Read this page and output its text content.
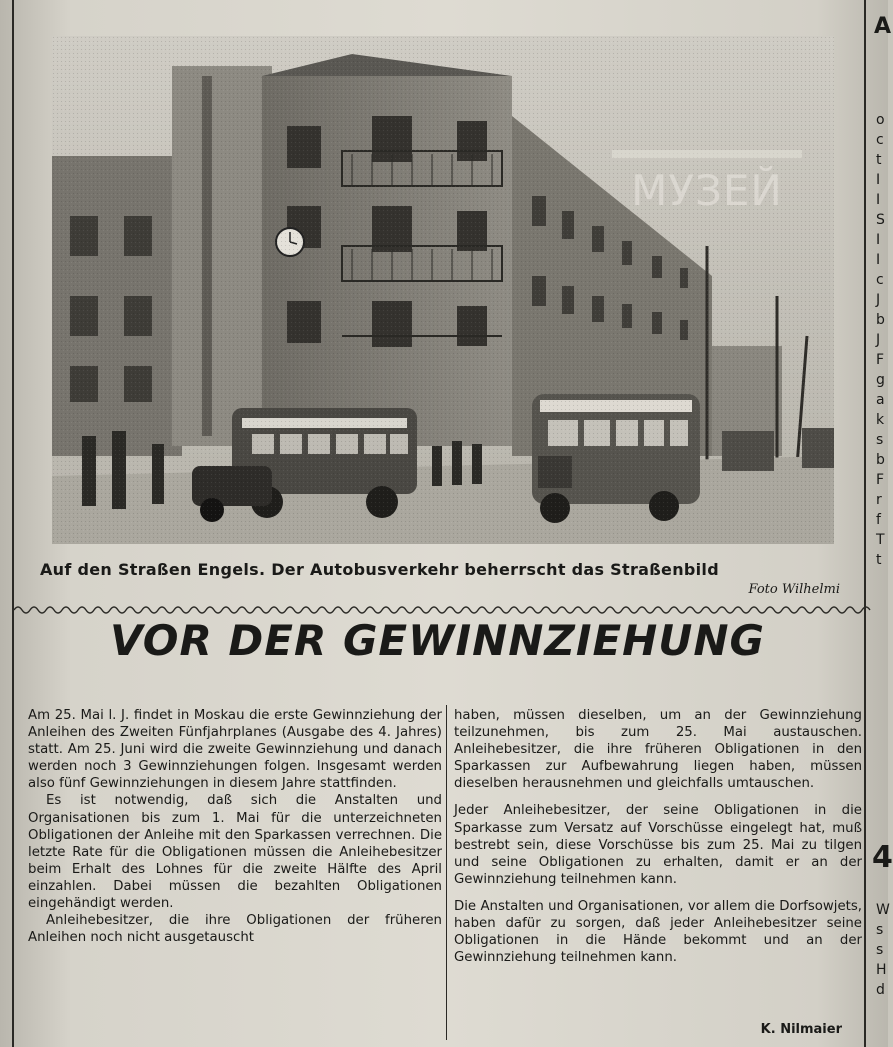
A
o
c
t
I
I
S
I
I
c
J
b
J
F
g
a
k
s
b
F
r
f
T
t
4
W
s
s
H
d
МУЗЕЙ
Auf den Straßen Engels. Der Autobusverkehr beherrscht das Straßenbild
Foto Wilhelmi
VOR DER GEWINNZIEHUNG

Am 25. Mai l. J. findet in Moskau die erste Gewinnziehung der Anleihen des Zweiten Fünfjahrplanes (Ausgabe des 4. Jahres) statt. Am 25. Juni wird die zweite Gewinnziehung und danach werden noch 3 Gewinnziehungen folgen. Insgesamt werden also fünf Gewinnziehungen in diesem Jahre stattfinden.

Es ist notwendig, daß sich die Anstalten und Organisationen bis zum 1. Mai für die unterzeichneten Obligationen der Anleihe mit den Sparkassen verrechnen. Die letzte Rate für die Obligationen müssen die Anleihebesitzer beim Erhalt des Lohnes für die zweite Hälfte des April einzahlen. Dabei müssen die bezahlten Obligationen eingehändigt werden.

Anleihebesitzer, die ihre Obligationen der früheren Anleihen noch nicht ausgetauscht

haben, müssen dieselben, um an der Gewinnziehung teilzunehmen, bis zum 25. Mai austauschen. Anleihebesitzer, die ihre früheren Obligationen in den Sparkassen zur Aufbewahrung liegen haben, müssen dieselben herausnehmen und gleichfalls umtauschen.

Jeder Anleihebesitzer, der seine Obligationen in die Sparkasse zum Versatz auf Vorschüsse eingelegt hat, muß bestrebt sein, diese Vorschüsse bis zum 25. Mai zu tilgen und seine Obligationen zu erhalten, damit er an der Gewinnziehung teilnehmen kann.

Die Anstalten und Organisationen, vor allem die Dorfsowjets, haben dafür zu sorgen, daß jeder Anleihebesitzer seine Obligationen in die Hände bekommt und an der Gewinnziehung teilnehmen kann.

K. Nilmaier
